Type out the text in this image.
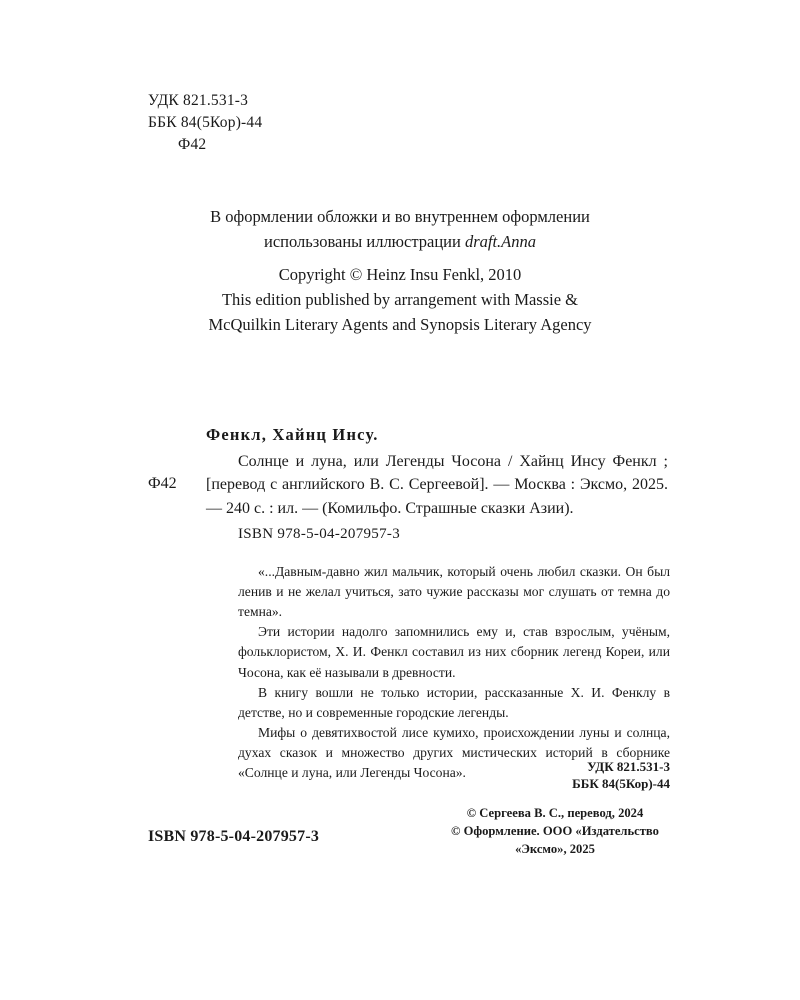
УДК 821.531-3
ББК 84(5Кор)-44
Ф42
В оформлении обложки и во внутреннем оформлении
использованы иллюстрации draft.Anna
Copyright © Heinz Insu Fenkl, 2010
This edition published by arrangement with Massie &
McQuilkin Literary Agents and Synopsis Literary Agency
Фенкл, Хайнц Инсу.
Ф42
Солнце и луна, или Легенды Чосона / Хайнц Инсу Фенкл ; [перевод с английского В. С. Сергеевой]. — Москва : Эксмо, 2025. — 240 с. : ил. — (Комильфо. Страшные сказки Азии).
ISBN 978-5-04-207957-3

«...Давным-давно жил мальчик, который очень любил сказки. Он был ленив и не желал учиться, зато чужие рассказы мог слушать от темна до темна».

Эти истории надолго запомнились ему и, став взрослым, учёным, фольклористом, Х. И. Фенкл составил из них сборник легенд Кореи, или Чосона, как её называли в древности.

В книгу вошли не только истории, рассказанные Х. И. Фенклу в детстве, но и современные городские легенды.

Мифы о девятихвостой лисе кумихо, происхождении луны и солнца, духах сказок и множество других мистических историй в сборнике «Солнце и луна, или Легенды Чосона».	УДК 821.531-3
ББК 84(5Кор)-44
© Сергеева В. С., перевод, 2024
© Оформление. ООО «Издательство
«Эксмо», 2025
ISBN 978-5-04-207957-3
